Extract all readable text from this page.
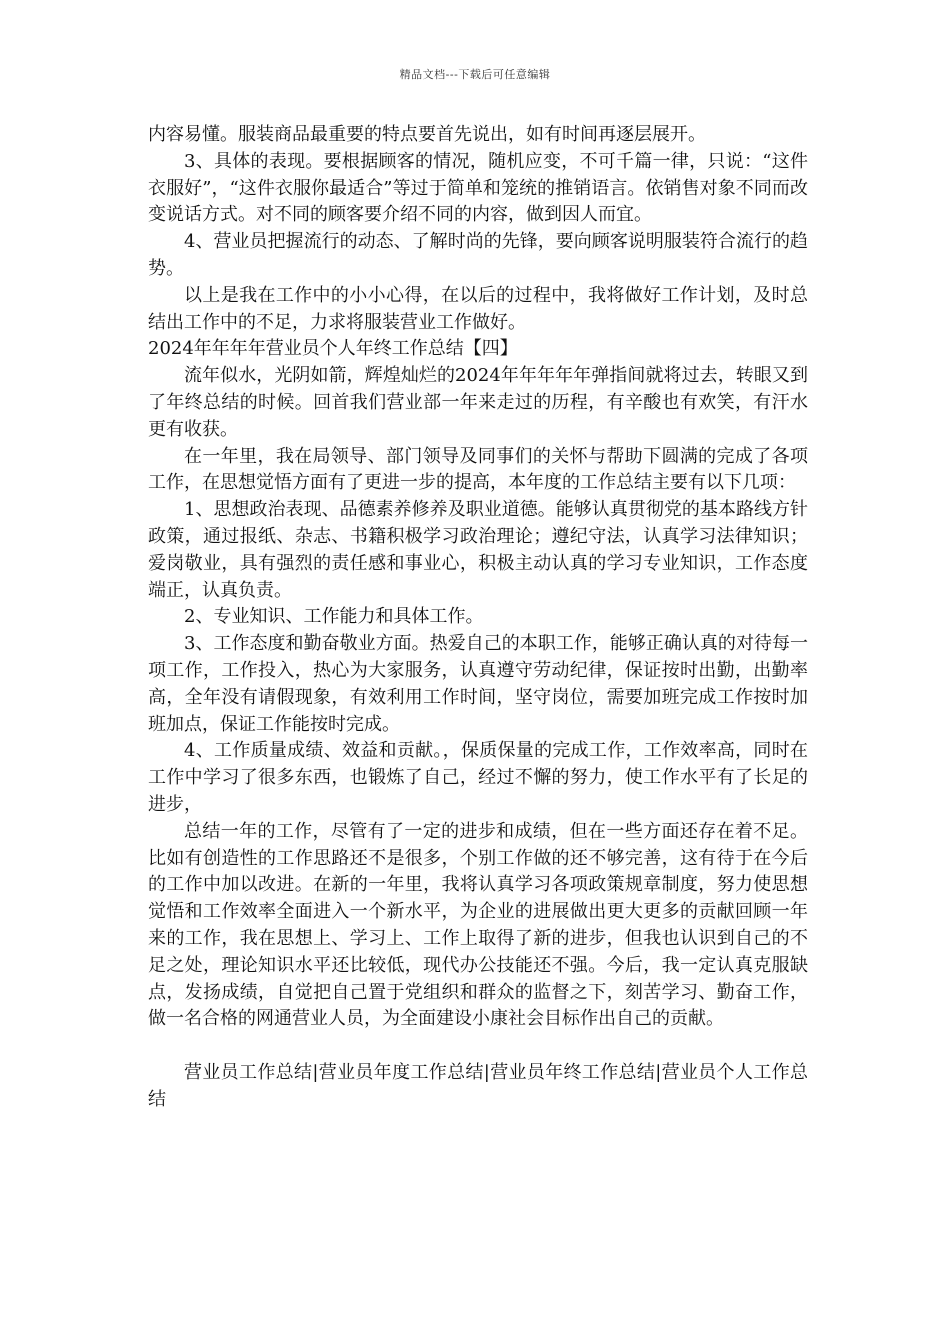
精品文档---下载后可任意编辑

内容易懂。服装商品最重要的特点要首先说出，如有时间再逐层展开。

3、具体的表现。要根据顾客的情况，随机应变，不可千篇一律，只说：“这件衣服好”，“这件衣服你最适合”等过于简单和笼统的推销语言。依销售对象不同而改变说话方式。对不同的顾客要介绍不同的内容，做到因人而宜。

4、营业员把握流行的动态、了解时尚的先锋，要向顾客说明服装符合流行的趋势。

以上是我在工作中的小小心得，在以后的过程中，我将做好工作计划，及时总结出工作中的不足，力求将服装营业工作做好。

2024年年年年营业员个人年终工作总结【四】

流年似水，光阴如箭，辉煌灿烂的2024年年年年年弹指间就将过去，转眼又到了年终总结的时候。回首我们营业部一年来走过的历程，有辛酸也有欢笑，有汗水更有收获。

在一年里，我在局领导、部门领导及同事们的关怀与帮助下圆满的完成了各项工作，在思想觉悟方面有了更进一步的提高，本年度的工作总结主要有以下几项：

1、思想政治表现、品德素养修养及职业道德。能够认真贯彻党的基本路线方针政策，通过报纸、杂志、书籍积极学习政治理论；遵纪守法，认真学习法律知识；爱岗敬业，具有强烈的责任感和事业心，积极主动认真的学习专业知识，工作态度端正，认真负责。

2、专业知识、工作能力和具体工作。

3、工作态度和勤奋敬业方面。热爱自己的本职工作，能够正确认真的对待每一项工作，工作投入，热心为大家服务，认真遵守劳动纪律，保证按时出勤，出勤率高，全年没有请假现象，有效利用工作时间，坚守岗位，需要加班完成工作按时加班加点，保证工作能按时完成。

4、工作质量成绩、效益和贡献。，保质保量的完成工作，工作效率高，同时在工作中学习了很多东西，也锻炼了自己，经过不懈的努力，使工作水平有了长足的进步，

总结一年的工作，尽管有了一定的进步和成绩，但在一些方面还存在着不足。比如有创造性的工作思路还不是很多，个别工作做的还不够完善，这有待于在今后的工作中加以改进。在新的一年里，我将认真学习各项政策规章制度，努力使思想觉悟和工作效率全面进入一个新水平，为企业的进展做出更大更多的贡献回顾一年来的工作，我在思想上、学习上、工作上取得了新的进步，但我也认识到自己的不足之处，理论知识水平还比较低，现代办公技能还不强。今后，我一定认真克服缺点，发扬成绩，自觉把自己置于党组织和群众的监督之下，刻苦学习、勤奋工作，做一名合格的网通营业人员，为全面建设小康社会目标作出自己的贡献。

营业员工作总结|营业员年度工作总结|营业员年终工作总结|营业员个人工作总结
